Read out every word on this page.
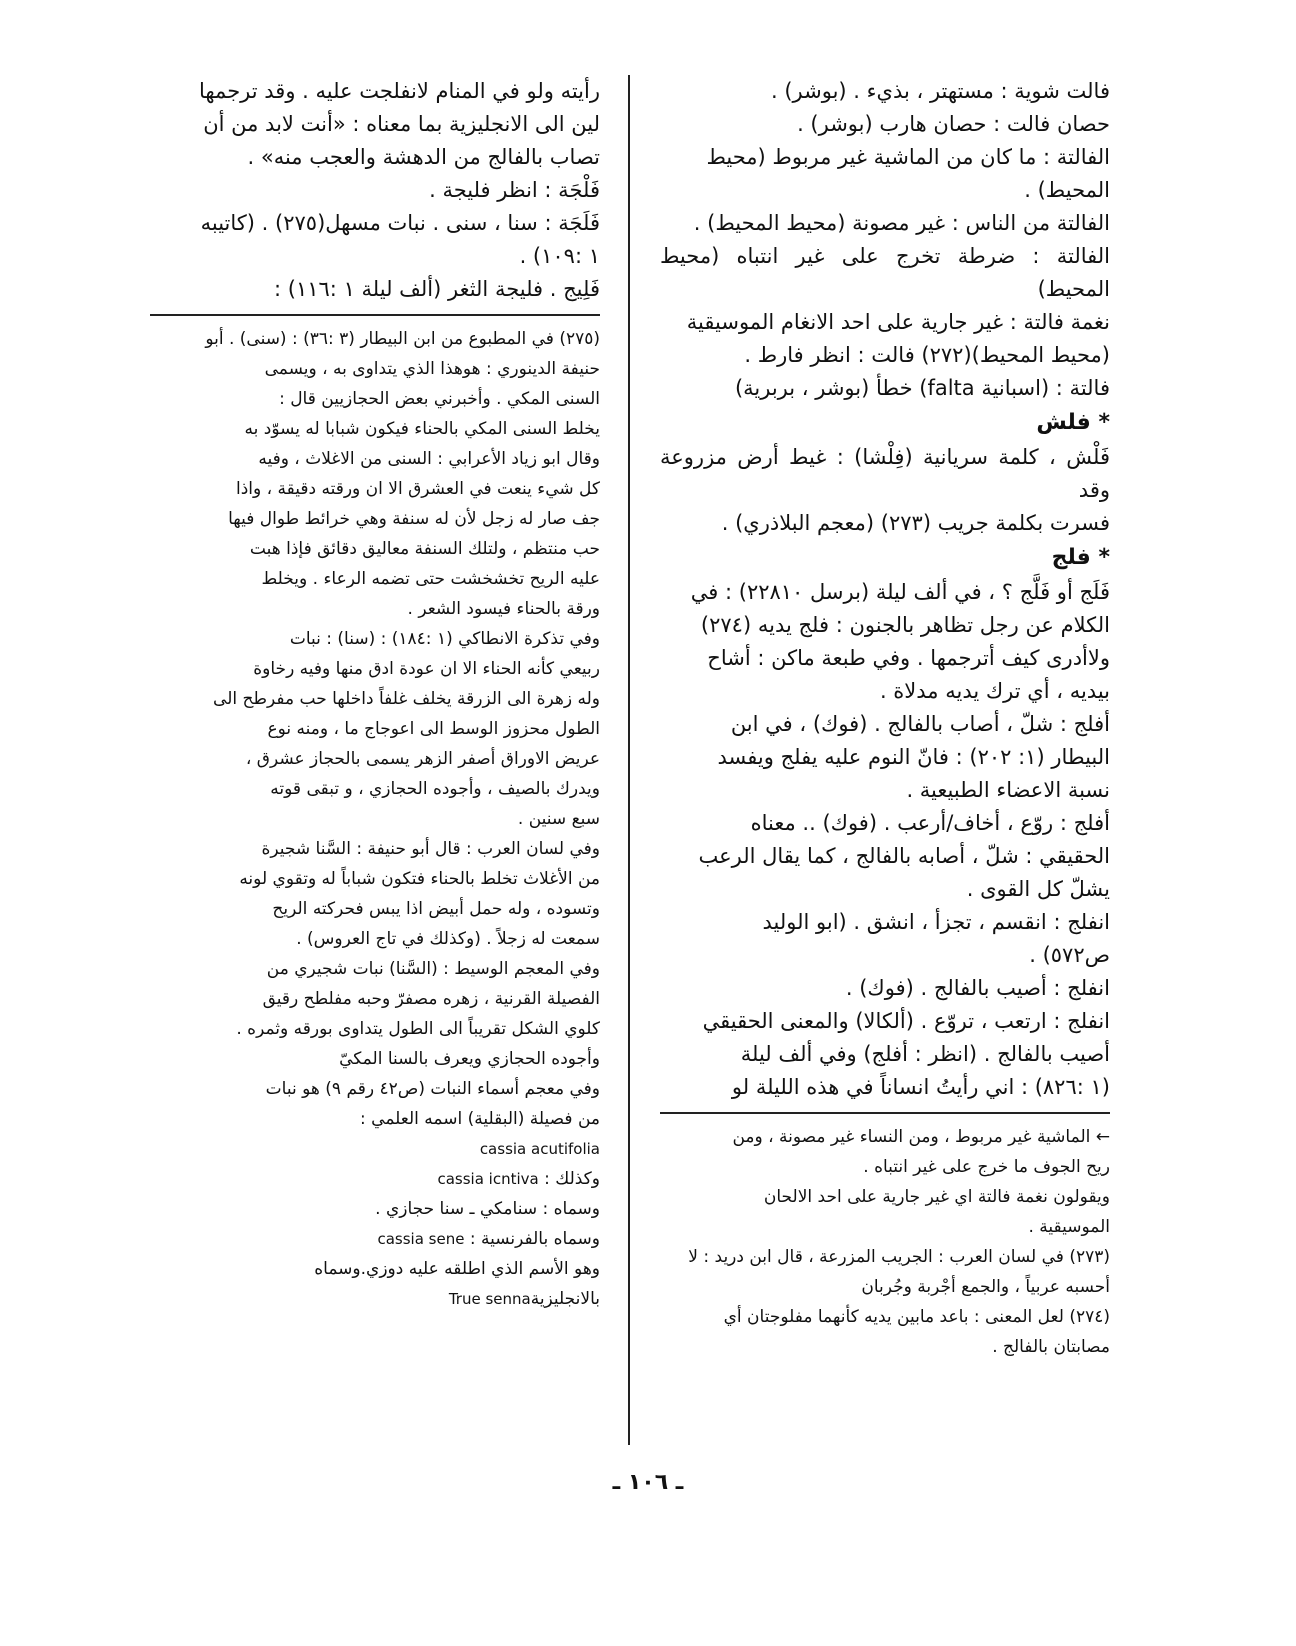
فالت شوية : مستهتر ، بذيء . (بوشر) .

حصان فالت : حصان هارب (بوشر) .

الفالتة : ما كان من الماشية غير مربوط (محيط

المحيط) .

الفالتة من الناس : غير مصونة (محيط المحيط) .

الفالتة : ضرطة تخرج على غير انتباه (محيط المحيط)

نغمة فالتة : غير جارية على احد الانغام الموسيقية

(محيط المحيط)(٢٧٢) فالت : انظر فارط .

فالتة : (اسبانية falta) خطأ (بوشر ، بربرية)

* فلش

فَلْش ، كلمة سريانية (فِلْشا) : غيط أرض مزروعة وقد

فسرت بكلمة جريب (٢٧٣) (معجم البلاذري) .

* فلج

فَلَج أو فَلَّج ؟ ، في ألف ليلة (برسل ٢٢٨١٠) : في

الكلام عن رجل تظاهر بالجنون : فلج يديه (٢٧٤)

ولاأدرى كيف أترجمها . وفي طبعة ماكن : أشاح

بيديه ، أي ترك يديه مدلاة .

أفلج : شلّ ، أصاب بالفالج . (فوك) ، في ابن

البيطار (١: ٢٠٢) : فانّ النوم عليه يفلج ويفسد

نسبة الاعضاء الطبيعية .

أفلج : روّع ، أخاف/أرعب . (فوك) .. معناه

الحقيقي : شلّ ، أصابه بالفالج ، كما يقال الرعب

يشلّ كل القوى .

انفلج : انقسم ، تجزأ ، انشق . (ابو الوليد

ص٥٧٢) .

انفلج : أصيب بالفالج . (فوك) .

انفلج : ارتعب ، تروّع . (ألكالا) والمعنى الحقيقي

أصيب بالفالج . (انظر : أفلج) وفي ألف ليلة

(١ :٨٢٦) : اني رأيتُ انساناً في هذه الليلة لو

← الماشية غير مربوط ، ومن النساء غير مصونة ، ومن

ريح الجوف ما خرج على غير انتباه .

ويقولون نغمة فالتة اي غير جارية على احد الالحان

الموسيقية .

(٢٧٣) في لسان العرب : الجريب المزرعة ، قال ابن دريد : لا

أحسبه عربياً ، والجمع أجْربة وجُربان

(٢٧٤) لعل المعنى : باعد مابين يديه كأنهما مفلوجتان أي

مصابتان بالفالج .

رأيته ولو في المنام لانفلجت عليه . وقد ترجمها

لين الى الانجليزية بما معناه : «أنت لابد من أن

تصاب بالفالج من الدهشة والعجب منه» .

فَلْجَة : انظر فليجة .

فَلَجَة : سنا ، سنى . نبات مسهل(٢٧٥) . (كاتيبه

١ :١٠٩) .

فَلِيج . فليجة الثغر (ألف ليلة ١ :١١٦) :

(٢٧٥) في المطبوع من ابن البيطار (٣ :٣٦) : (سنى) . أبو

حنيفة الدينوري : هوهذا الذي يتداوى به ، ويسمى

السنى المكي . وأخبرني بعض الحجازيين قال :

يخلط السنى المكي بالحناء فيكون شبابا له يسوّد به

وقال ابو زياد الأعرابي : السنى من الاغلاث ، وفيه

كل شيء ينعت في العشرق الا ان ورقته دقيقة ، واذا

جف صار له زجل لأن له سنفة وهي خرائط طوال فيها

حب منتظم ، ولتلك السنفة معاليق دقائق فإذا هبت

عليه الريح تخشخشت حتى تضمه الرعاء . ويخلط

ورقة بالحناء فيسود الشعر .

وفي تذكرة الانطاكي (١ :١٨٤) : (سنا) : نبات

ربيعي كأنه الحناء الا ان عودة ادق منها وفيه رخاوة

وله زهرة الى الزرقة يخلف غلفاً داخلها حب مفرطح الى

الطول محزوز الوسط الى اعوجاج ما ، ومنه نوع

عريض الاوراق أصفر الزهر يسمى بالحجاز عشرق ،

ويدرك بالصيف ، وأجوده الحجازي ، و تبقى قوته

سبع سنين .

وفي لسان العرب : قال أبو حنيفة : السَّنا شجيرة

من الأغلاث تخلط بالحناء فتكون شباباً له وتقوي لونه

وتسوده ، وله حمل أبيض اذا يبس فحركته الريح

سمعت له زجلاً . (وكذلك في تاج العروس) .

وفي المعجم الوسيط : (السَّنا) نبات شجيري من

الفصيلة القرنية ، زهره مصفرّ وحبه مفلطح رقيق

كلوي الشكل تقريباً الى الطول يتداوى بورقه وثمره .

وأجوده الحجازي ويعرف بالسنا المكيّ

وفي معجم أسماء النبات (ص٤٢ رقم ٩) هو نبات

من فصيلة (البقلية) اسمه العلمي :

cassia acutifolia

وكذلك : cassia icntiva

وسماه : سنامكي ـ سنا حجازي .

وسماه بالفرنسية : cassia sene

وهو الأسم الذي اطلقه عليه دوزي.وسماه

بالانجليزيةTrue senna

ـ ١٠٦ ـ
